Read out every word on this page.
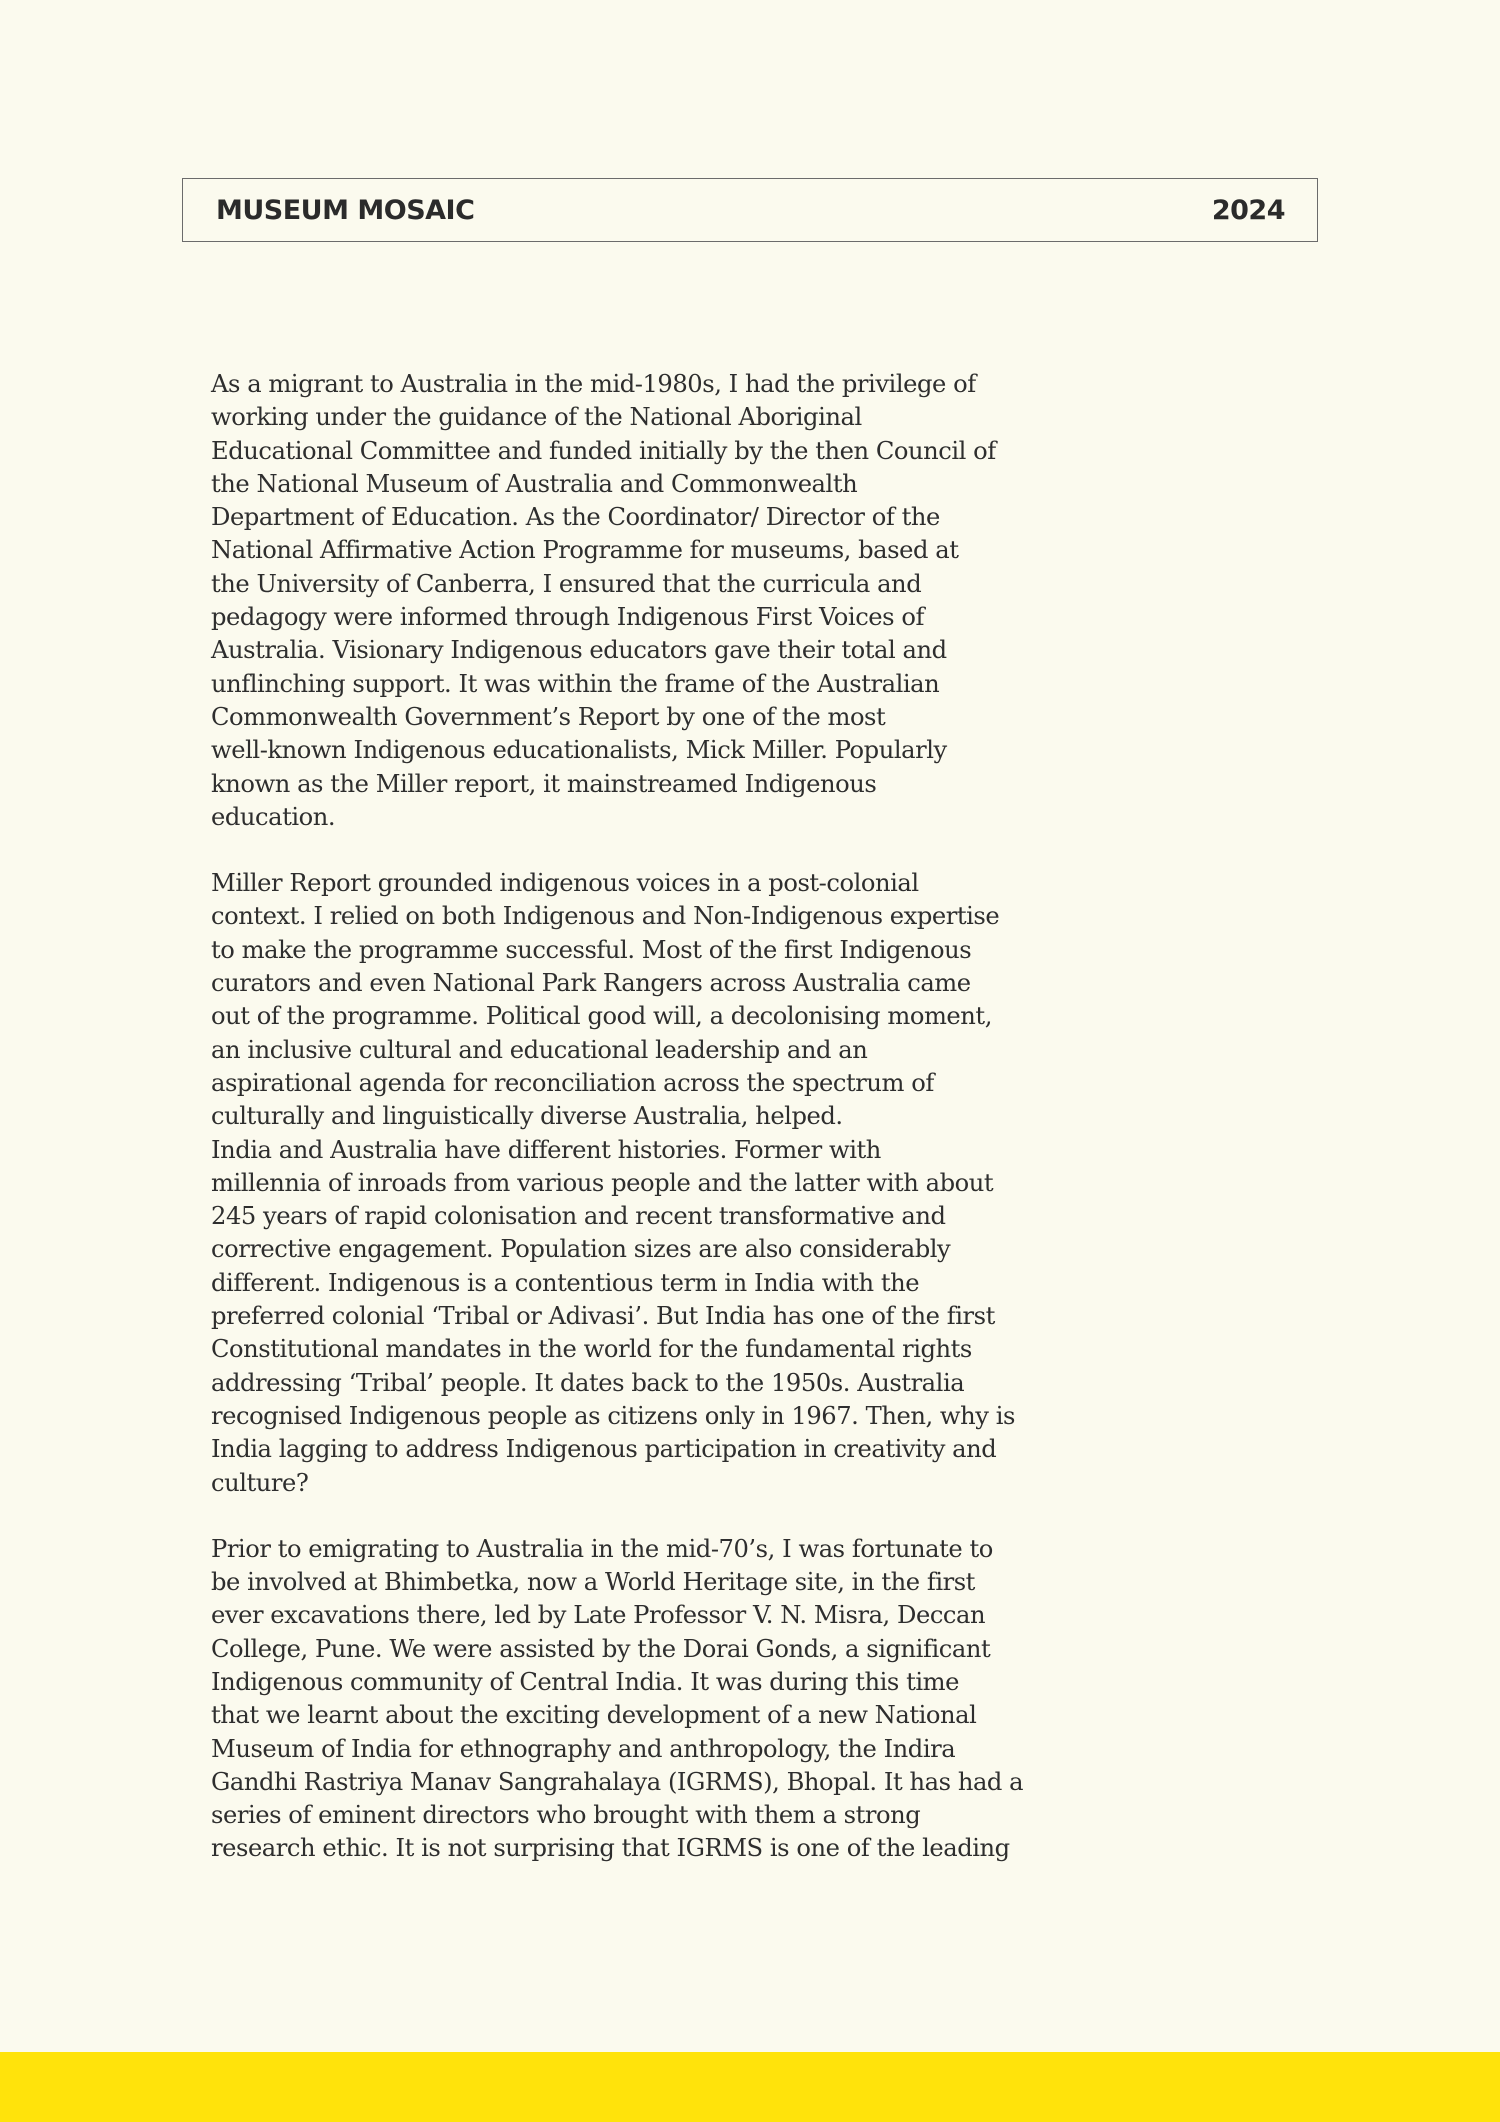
MUSEUM MOSAIC	2024

As a migrant to Australia in the mid-1980s, I had the privilege of
working under the guidance of the National Aboriginal
Educational Committee and funded initially by the then Council of
the National Museum of Australia and Commonwealth
Department of Education. As the Coordinator/ Director of the
National Affirmative Action Programme for museums, based at
the University of Canberra, I ensured that the curricula and
pedagogy were informed through Indigenous First Voices of
Australia. Visionary Indigenous educators gave their total and
unflinching support. It was within the frame of the Australian
Commonwealth Government’s Report by one of the most
well-known Indigenous educationalists, Mick Miller. Popularly
known as the Miller report, it mainstreamed Indigenous
education.

Miller Report grounded indigenous voices in a post-colonial
context. I relied on both Indigenous and Non-Indigenous expertise
to make the programme successful. Most of the first Indigenous
curators and even National Park Rangers across Australia came
out of the programme. Political good will, a decolonising moment,
an inclusive cultural and educational leadership and an
aspirational agenda for reconciliation across the spectrum of
culturally and linguistically diverse Australia, helped.

India and Australia have different histories. Former with
millennia of inroads from various people and the latter with about
245 years of rapid colonisation and recent transformative and
corrective engagement. Population sizes are also considerably
different. Indigenous is a contentious term in India with the
preferred colonial ‘Tribal or Adivasi’. But India has one of the first
Constitutional mandates in the world for the fundamental rights
addressing ‘Tribal’ people. It dates back to the 1950s. Australia
recognised Indigenous people as citizens only in 1967. Then, why is
India lagging to address Indigenous participation in creativity and
culture?

Prior to emigrating to Australia in the mid-70’s, I was fortunate to
be involved at Bhimbetka, now a World Heritage site, in the first
ever excavations there, led by Late Professor V. N. Misra, Deccan
College, Pune. We were assisted by the Dorai Gonds, a significant
Indigenous community of Central India. It was during this time
that we learnt about the exciting development of a new National
Museum of India for ethnography and anthropology, the Indira
Gandhi Rastriya Manav Sangrahalaya (IGRMS), Bhopal. It has had a
series of eminent directors who brought with them a strong
research ethic. It is not surprising that IGRMS is one of the leading
